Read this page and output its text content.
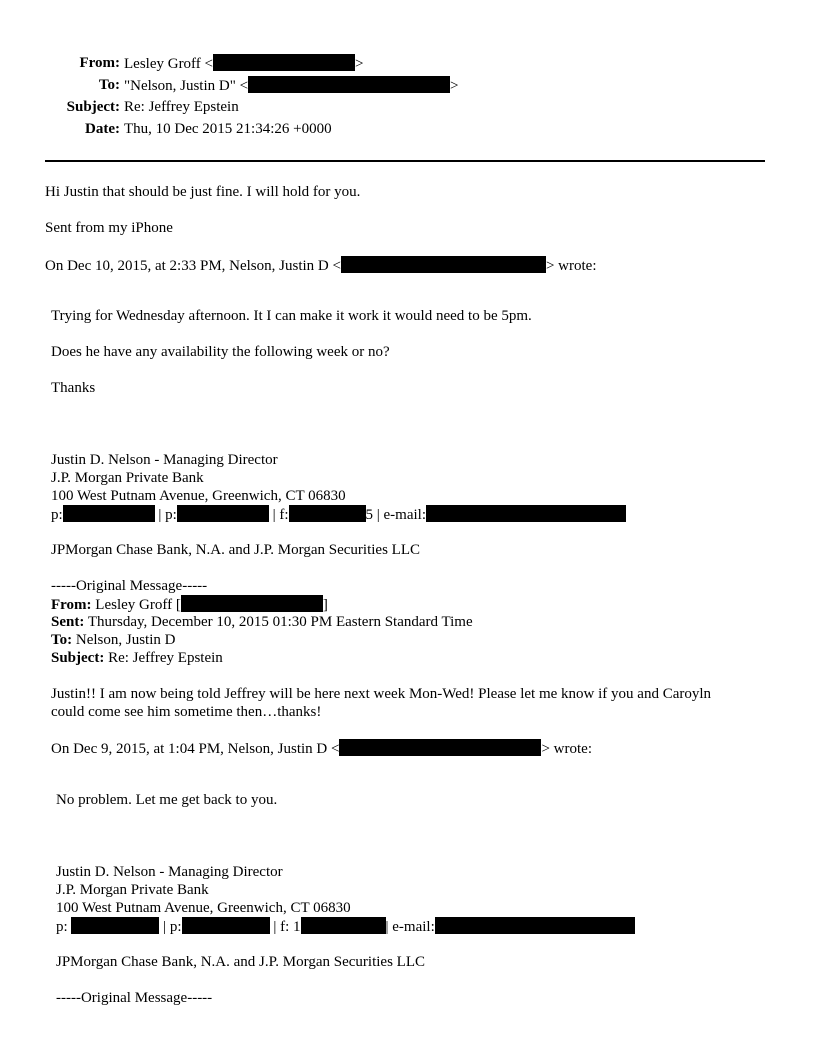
From: Lesley Groff <	>
To: "Nelson, Justin D" <	>
Subject: Re: Jeffrey Epstein
Date: Thu, 10 Dec 2015 21:34:26 +0000
Hi Justin that should be just fine. I will hold for you.
Sent from my iPhone
On Dec 10, 2015, at 2:33 PM, Nelson, Justin D <	> wrote:
Trying for Wednesday afternoon. It I can make it work it would need to be 5pm.
Does he have any availability the following week or no?
Thanks
Justin D. Nelson - Managing Director
J.P. Morgan Private Bank
100 West Putnam Avenue, Greenwich, CT 06830
p:	| p:	| f:	5 | e-mail:
JPMorgan Chase Bank, N.A. and J.P. Morgan Securities LLC
-----Original Message-----
From: Lesley Groff [	]
Sent: Thursday, December 10, 2015 01:30 PM Eastern Standard Time
To: Nelson, Justin D
Subject: Re: Jeffrey Epstein
Justin!! I am now being told Jeffrey will be here next week Mon-Wed! Please let me know if you and Caroyln
could come see him sometime then…thanks!
On Dec 9, 2015, at 1:04 PM, Nelson, Justin D <	> wrote:
No problem. Let me get back to you.
Justin D. Nelson - Managing Director
J.P. Morgan Private Bank
100 West Putnam Avenue, Greenwich, CT 06830
p:	| p:	| f: 1	| e-mail:
JPMorgan Chase Bank, N.A. and J.P. Morgan Securities LLC
-----Original Message-----
